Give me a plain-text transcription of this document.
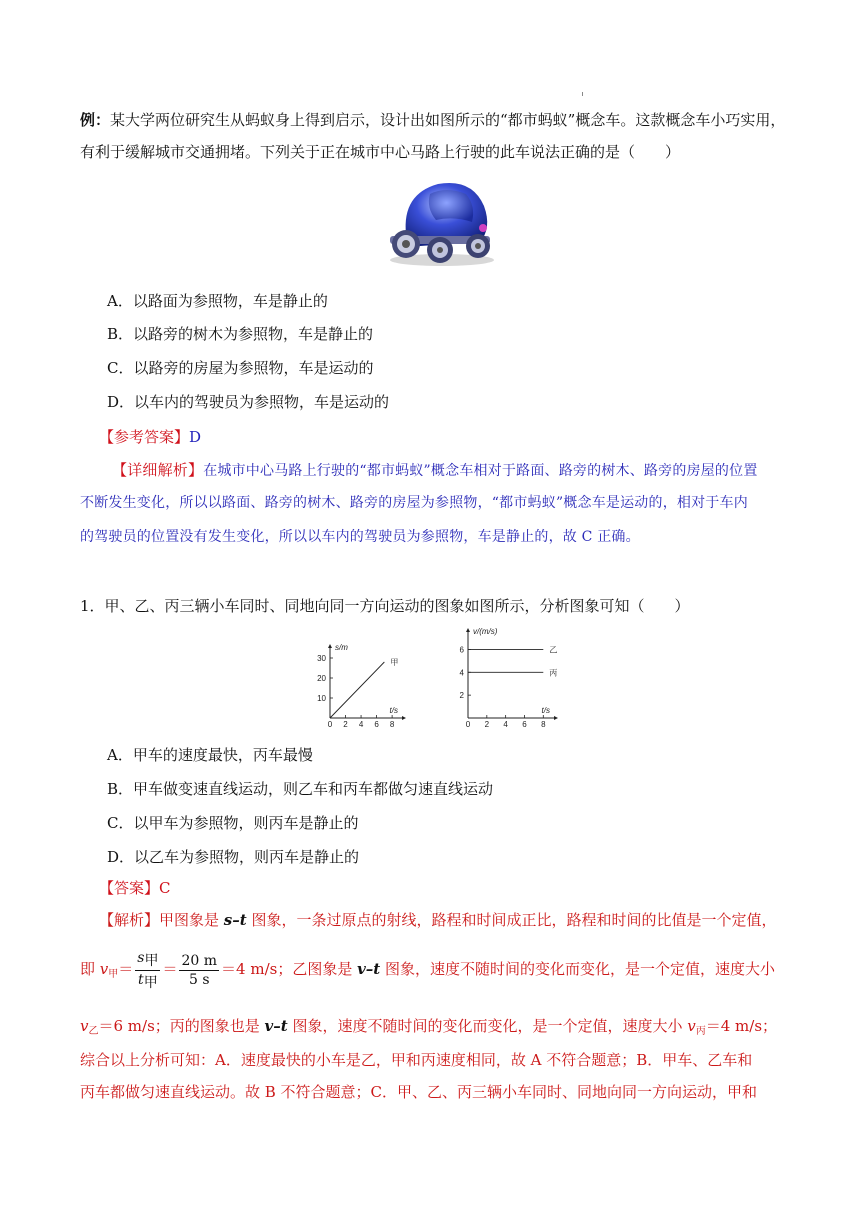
例：某大学两位研究生从蚂蚁身上得到启示，设计出如图所示的“都市蚂蚁”概念车。这款概念车小巧实用，
有利于缓解城市交通拥堵。下列关于正在城市中心马路上行驶的此车说法正确的是（　　）
A．以路面为参照物，车是静止的
B．以路旁的树木为参照物，车是静止的
C．以路旁的房屋为参照物，车是运动的
D．以车内的驾驶员为参照物，车是运动的
【参考答案】D
【详细解析】在城市中心马路上行驶的“都市蚂蚁”概念车相对于路面、路旁的树木、路旁的房屋的位置
不断发生变化，所以以路面、路旁的树木、路旁的房屋为参照物，“都市蚂蚁”概念车是运动的，相对于车内
的驾驶员的位置没有发生变化，所以以车内的驾驶员为参照物，车是静止的，故 C 正确。
1．甲、乙、丙三辆小车同时、同地向同一方向运动的图象如图所示，分析图象可知（　　）
0 2 4 6 8
10
20
30
t/s
s/m
甲
0 2 4 6 8
2
4
6
t/s
v/(m/s)
乙
丙
A．甲车的速度最快，丙车最慢
B．甲车做变速直线运动，则乙车和丙车都做匀速直线运动
C．以甲车为参照物，则丙车是静止的
D．以乙车为参照物，则丙车是静止的
【答案】C
【解析】甲图象是 s–t 图象，一条过原点的射线，路程和时间成正比，路程和时间的比值是一个定值，
即 $v_甲= \frac{\text{s甲}}{\text{t甲}} = \frac{20 m}{5 s} =4$ m/s；乙图象是 v–t 图象，速度不随时间的变化而变化，是一个定值，速度大小
$v_乙=6$ m/s；丙的图象也是 v–t 图象，速度不随时间的变化而变化，是一个定值，速度大小 $v_丙=4$ m/s；
综合以上分析可知：A．速度最快的小车是乙，甲和丙速度相同，故 A 不符合题意；B．甲车、乙车和
丙车都做匀速直线运动。故 B 不符合题意；C．甲、乙、丙三辆小车同时、同地向同一方向运动，甲和
